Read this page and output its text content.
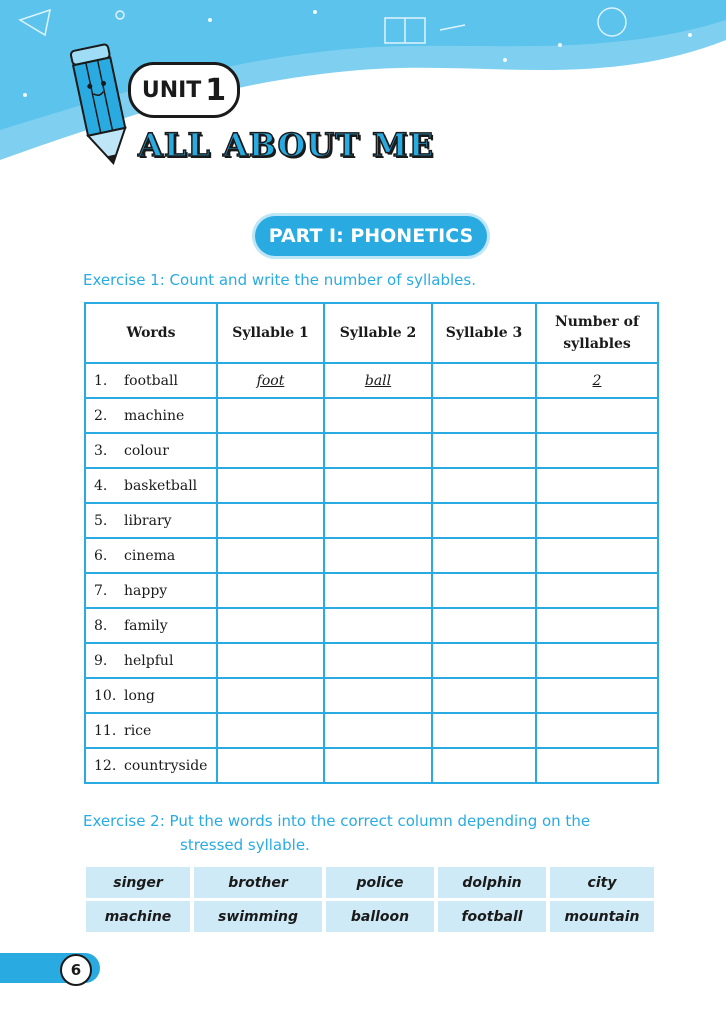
UNIT 1
ALL ABOUT ME
PART I: PHONETICS
Exercise 1: Count and write the number of syllables.
Words	Syllable 1	Syllable 2	Syllable 3	Number of syllables
1. football	foot	ball		2
2. machine				
3. colour				
4. basketball				
5. library				
6. cinema				
7. happy				
8. family				
9. helpful				
10. long				
11. rice				
12. countryside				
Exercise 2: Put the words into the correct column depending on the
stressed syllable.
singer	brother	police	dolphin	city
machine	swimming	balloon	football	mountain
6
